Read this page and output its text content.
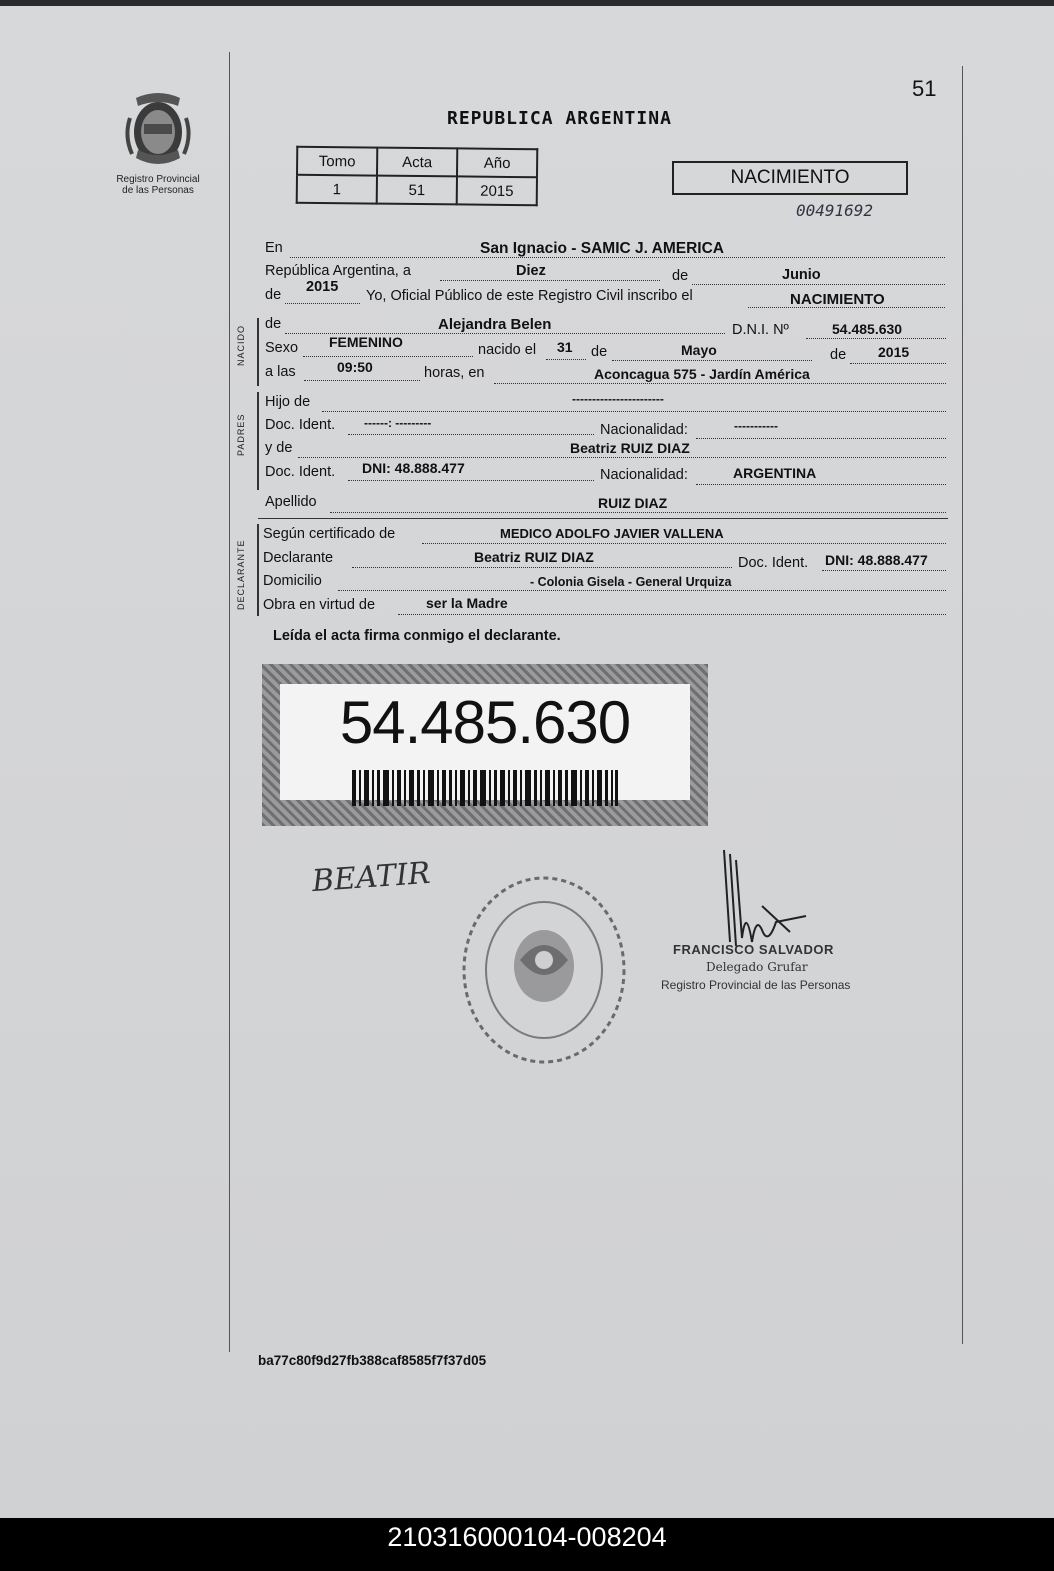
Registro Provincial
de las Personas
51
REPUBLICA ARGENTINA
Tomo	Acta	Año
1	51	2015
NACIMIENTO
00491692
En	San Ignacio - SAMIC J. AMERICA
República Argentina, a	Diez	de	Junio
de 2015
Yo, Oficial Público de este Registro Civil inscribo el	NACIMIENTO
NACIDO
de	Alejandra Belen	D.N.I. Nº	54.485.630
Sexo FEMENINO	nacido el 31 de	Mayo	de 2015
a las	09:50	horas, en	Aconcagua 575 - Jardín América
PADRES
Hijo de	-----------------------
Doc. Ident. ------: ---------	Nacionalidad:	-----------
y de	Beatriz RUIZ DIAZ
Doc. Ident. DNI: 48.888.477	Nacionalidad:	ARGENTINA
Apellido	RUIZ DIAZ
DECLARANTE
Según certificado de	MEDICO ADOLFO JAVIER VALLENA
Declarante	Beatriz RUIZ DIAZ	Doc. Ident. DNI: 48.888.477
Domicilio	- Colonia Gisela - General Urquiza
Obra en virtud de	ser la Madre
Leída el acta firma conmigo el declarante.
54.485.630
BEATIR
FRANCISCO SALVADOR
Delegado Grufar
Registro Provincial de las Personas
ba77c80f9d27fb388caf8585f7f37d05
210316000104-008204
